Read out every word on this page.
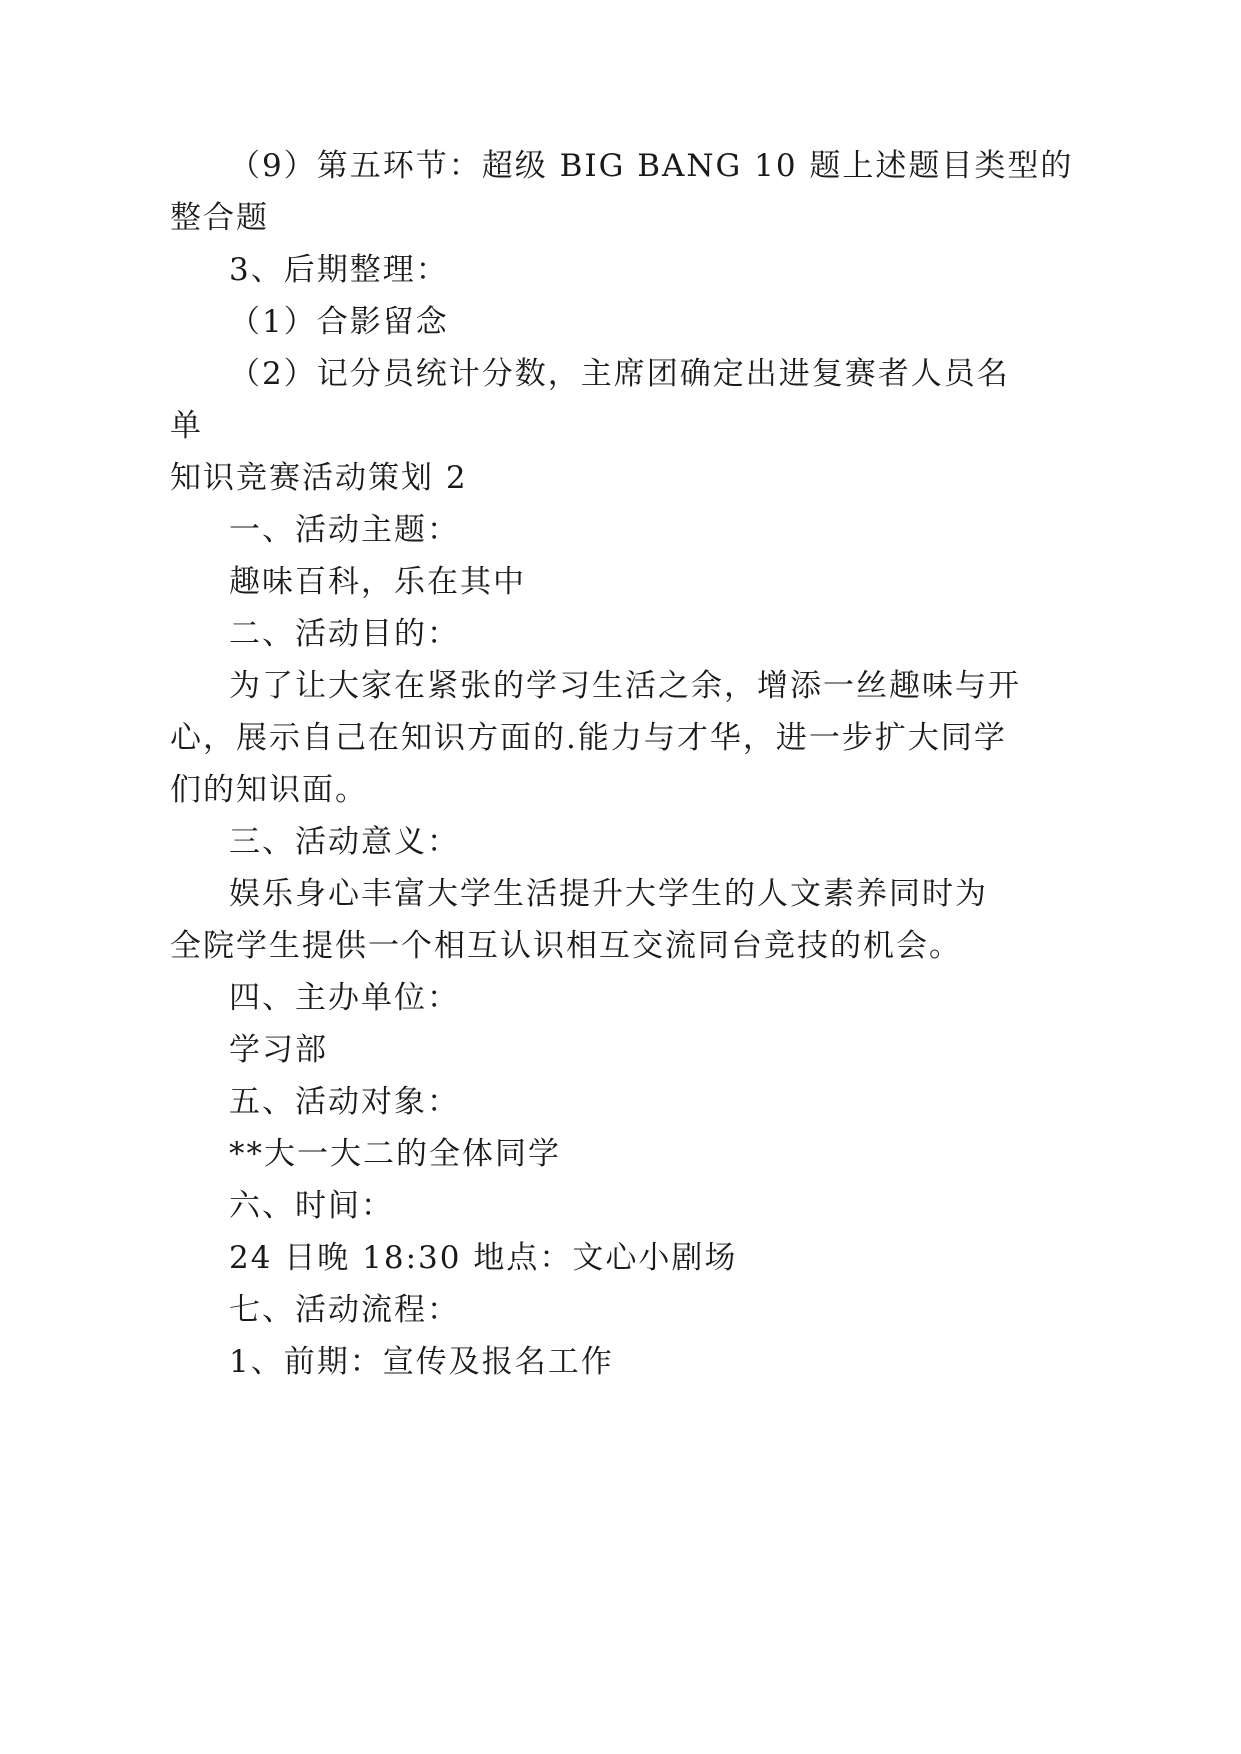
（9）第五环节：超级 BIG BANG 10 题上述题目类型的
整合题
3、后期整理：
（1）合影留念
（2）记分员统计分数，主席团确定出进复赛者人员名
单
知识竞赛活动策划 2
一、活动主题：
趣味百科，乐在其中
二、活动目的：
为了让大家在紧张的学习生活之余，增添一丝趣味与开
心，展示自己在知识方面的.能力与才华，进一步扩大同学
们的知识面。
三、活动意义：
娱乐身心丰富大学生活提升大学生的人文素养同时为
全院学生提供一个相互认识相互交流同台竞技的机会。
四、主办单位：
学习部
五、活动对象：
**大一大二的全体同学
六、时间：
24 日晚 18:30 地点：文心小剧场
七、活动流程：
1、前期：宣传及报名工作
